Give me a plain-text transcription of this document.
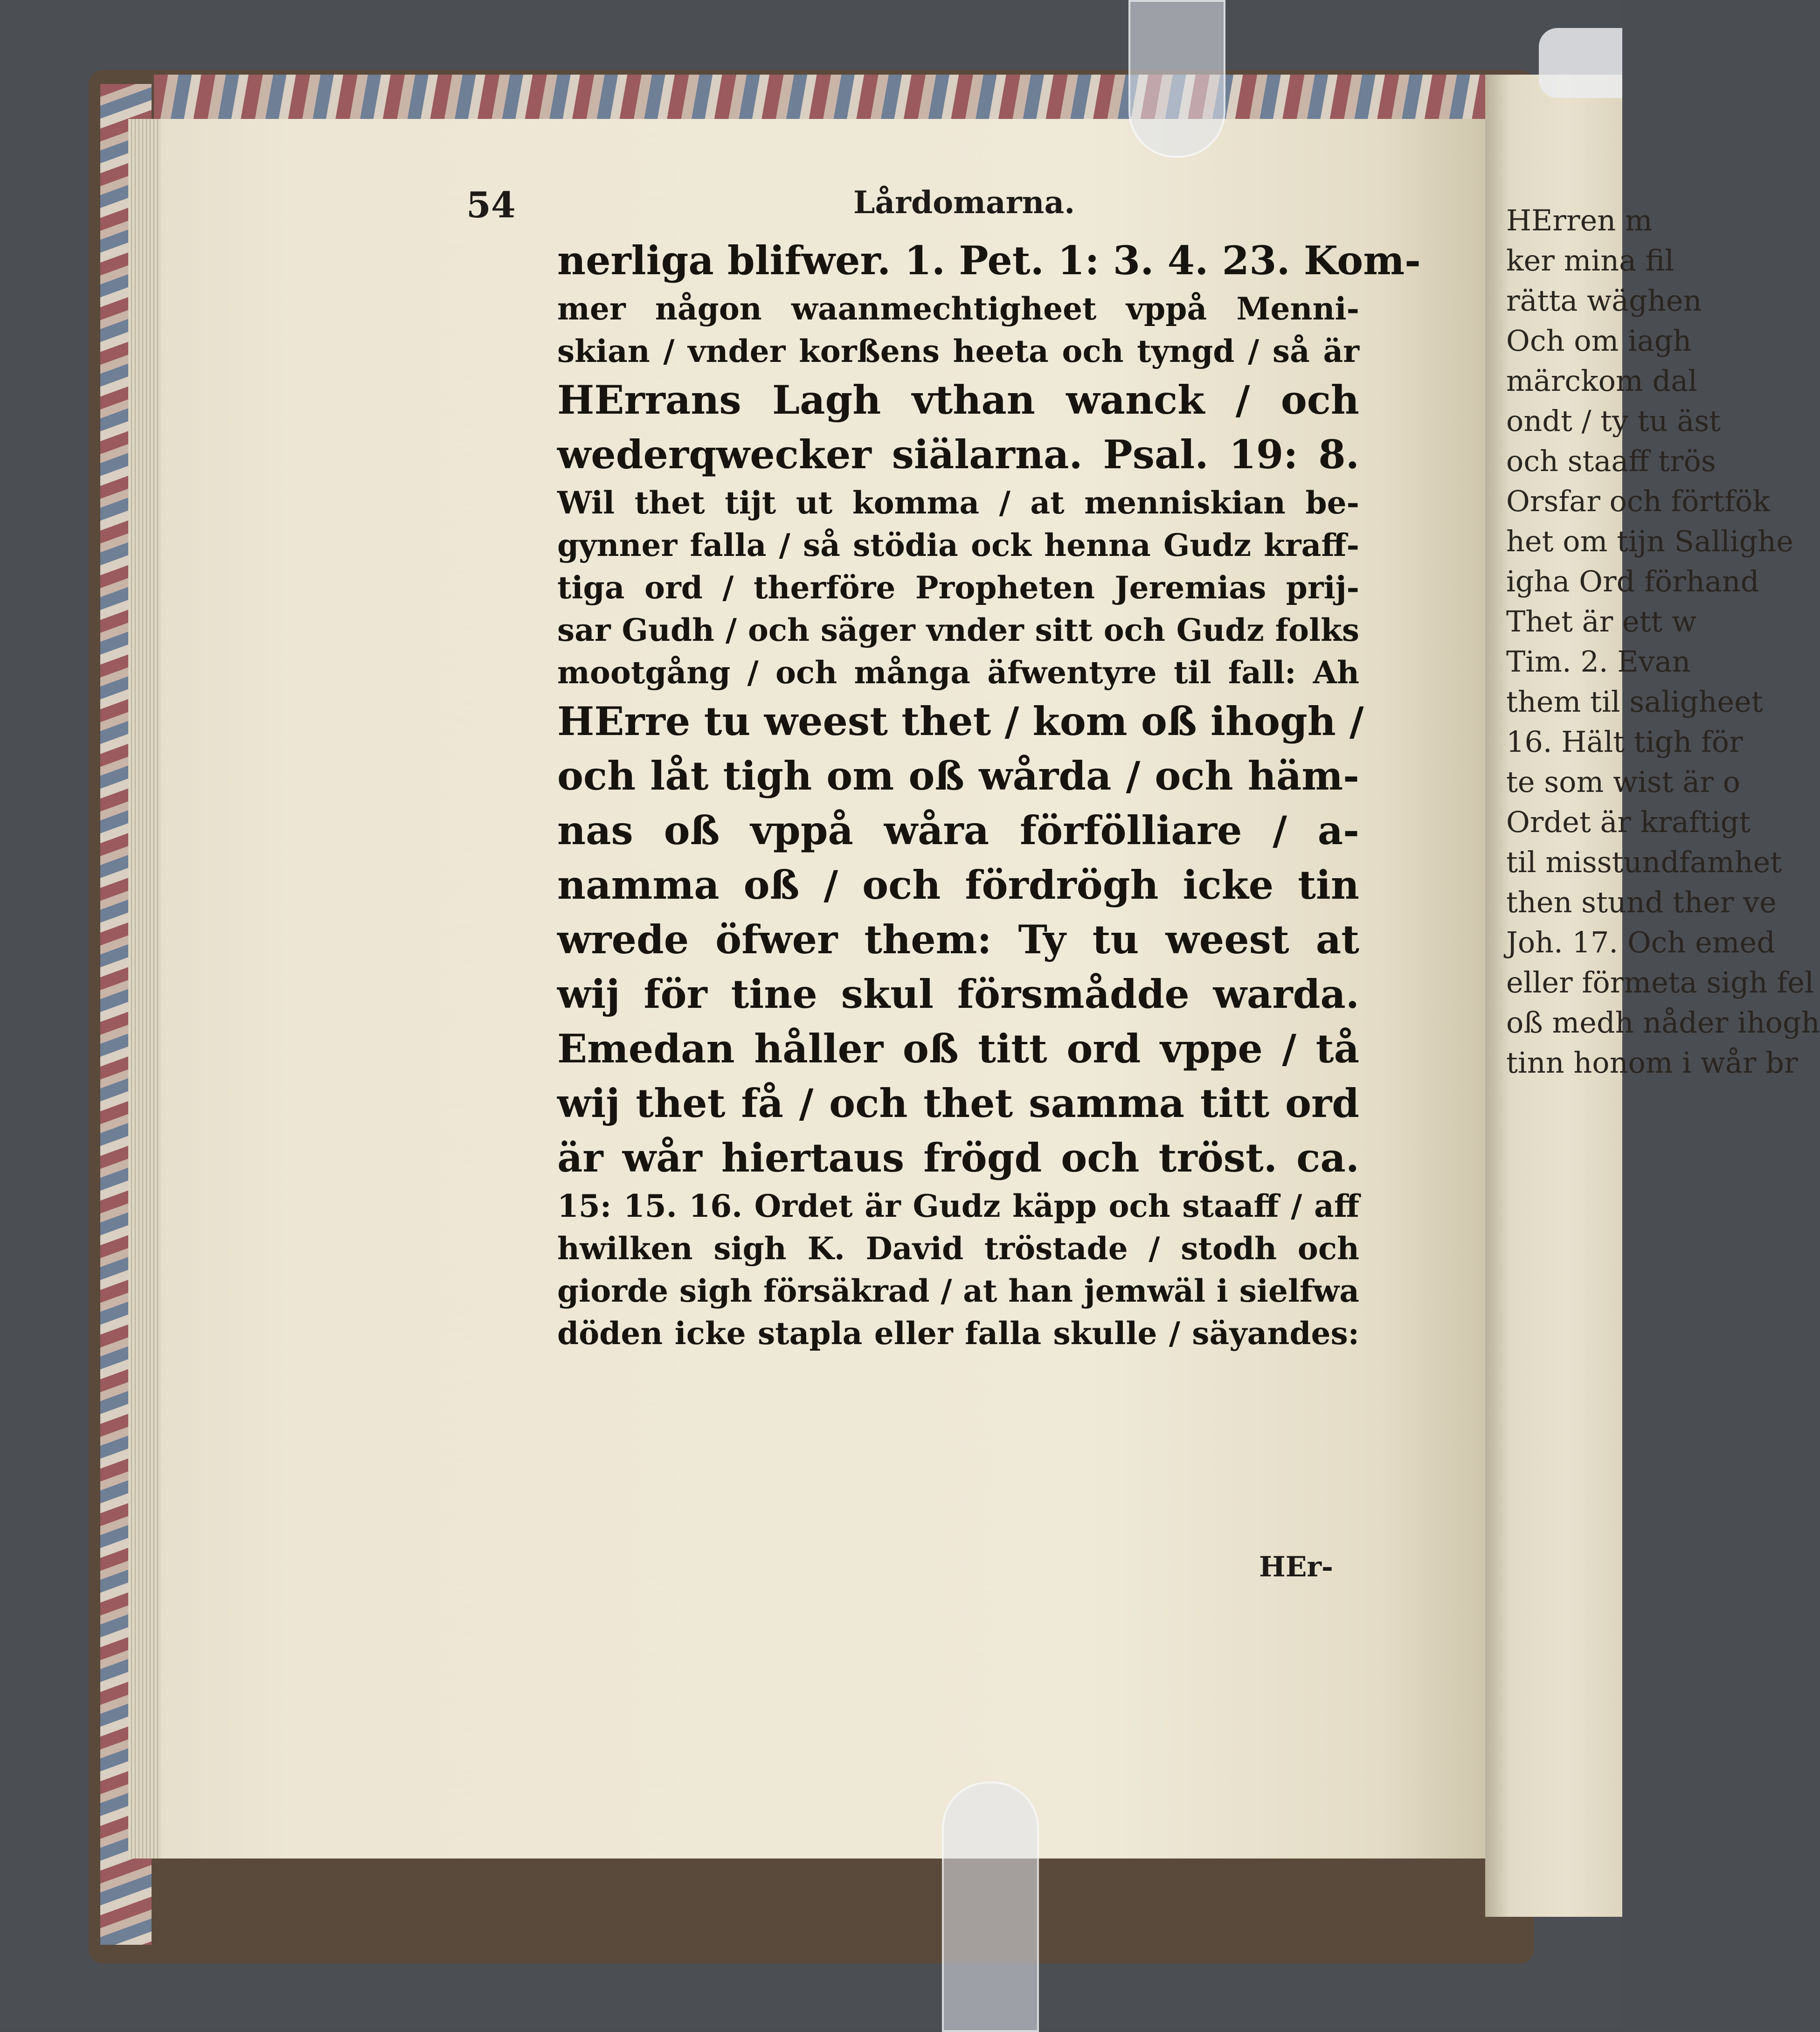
HErren m
ker mina fil
rätta wäghen
Och om iagh
märckom dal
ondt / ty tu äst
och staaff trös
Orsfar och förtfök
het om tijn Sallighe
igha Ord förhand
Thet är ett w
Tim. 2. Evan
them til saligheet
16. Hält tigh för
te som wist är o
Ordet är kraftigt
til misstundfamhet
then stund ther ve
Joh. 17. Och emed
eller förmeta sigh fel
oß medh nåder ihogh
tinn honom i wår br
54	Lårdomarna.
nerliga blifwer. 1. Pet. 1: 3. 4. 23. Kom-
mer någon waanmechtigheet vppå Menni-
skian / vnder korßens heeta och tyngd / så är
HErrans Lagh vthan wanck / och
wederqwecker siälarna. Psal. 19: 8.
Wil thet tijt ut komma / at menniskian be-
gynner falla / så stödia ock henna Gudz kraff-
tiga ord / therföre Propheten Jeremias prij-
sar Gudh / och säger vnder sitt och Gudz folks
mootgång / och många äfwentyre til fall: Ah
HErre tu weest thet / kom oß ihogh /
och låt tigh om oß wårda / och häm-
nas oß vppå wåra förfölliare / a-
namma oß / och fördrögh icke tin
wrede öfwer them: Ty tu weest at
wij för tine skul försmådde warda.
Emedan håller oß titt ord vppe / tå
wij thet få / och thet samma titt ord
är wår hiertaus frögd och tröst. ca.
15: 15. 16. Ordet är Gudz käpp och staaff / aff
hwilken sigh K. David tröstade / stodh och
giorde sigh försäkrad / at han jemwäl i sielfwa
döden icke stapla eller falla skulle / säyandes:
HEr-
